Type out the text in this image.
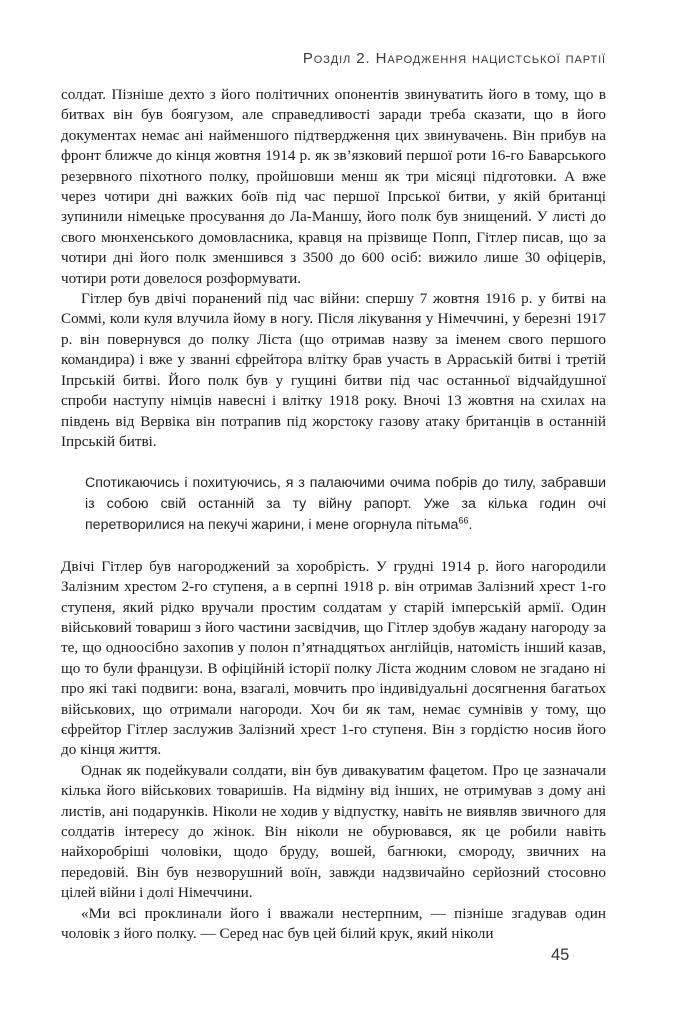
Розділ 2. Народження нацистської партії

солдат. Пізніше дехто з його політичних опонентів звинуватить його в тому, що в битвах він був боягузом, але справедливості заради треба сказати, що в його документах немає ані найменшого підтвердження цих звинувачень. Він прибув на фронт ближче до кінця жовтня 1914 р. як зв’язковий першої роти 16-го Баварського резервного піхотного полку, пройшовши менш як три місяці підготовки. А вже через чотири дні важких боїв під час першої Іпрської битви, у якій британці зупинили німецьке просування до Ла-Маншу, його полк був знищений. У листі до свого мюнхенського домовласника, кравця на прізвище Попп, Гітлер писав, що за чотири дні його полк зменшився з 3500 до 600 осіб: вижило лише 30 офіцерів, чотири роти довелося розформувати.

Гітлер був двічі поранений під час війни: спершу 7 жовтня 1916 р. у битві на Соммі, коли куля влучила йому в ногу. Після лікування у Німеччині, у березні 1917 р. він повернувся до полку Ліста (що отримав назву за іменем свого першого командира) і вже у званні єфрейтора влітку брав участь в Арраській битві і третій Іпрській битві. Його полк був у гущині битви під час останньої відчайдушної спроби наступу німців навесні і влітку 1918 року. Вночі 13 жовтня на схилах на південь від Вервіка він потрапив під жорстоку газову атаку британців в останній Іпрській битві.

Спотикаючись і похитуючись, я з палаючими очима побрів до тилу, забравши із собою свій останній за ту війну рапорт. Уже за кілька годин очі перетворилися на пекучі жарини, і мене огорнула пітьма$^{66}$.

Двічі Гітлер був нагороджений за хоробрість. У грудні 1914 р. його нагородили Залізним хрестом 2-го ступеня, а в серпні 1918 р. він отримав Залізний хрест 1-го ступеня, який рідко вручали простим солдатам у старій імперській армії. Один військовий товариш з його частини засвідчив, що Гітлер здобув жадану нагороду за те, що одноосібно захопив у полон п’ятнадцятьох англійців, натомість інший казав, що то були французи. В офіційній історії полку Ліста жодним словом не згадано ні про які такі подвиги: вона, взагалі, мовчить про індивідуальні досягнення багатьох військових, що отримали нагороди. Хоч би як там, немає сумнівів у тому, що єфрейтор Гітлер заслужив Залізний хрест 1-го ступеня. Він з гордістю носив його до кінця життя.

Однак як подейкували солдати, він був дивакуватим фацетом. Про це зазначали кілька його військових товаришів. На відміну від інших, не отримував з дому ані листів, ані подарунків. Ніколи не ходив у відпустку, навіть не виявляв звичного для солдатів інтересу до жінок. Він ніколи не обурювався, як це робили навіть найхоробріші чоловіки, щодо бруду, вошей, багнюки, смороду, звичних на передовій. Він був незворушний воїн, завжди надзвичайно серйозний стосовно цілей війни і долі Німеччини.

«Ми всі проклинали його і вважали нестерпним, — пізніше згадував один чоловік з його полку. — Серед нас був цей білий крук, який ніколи

45
